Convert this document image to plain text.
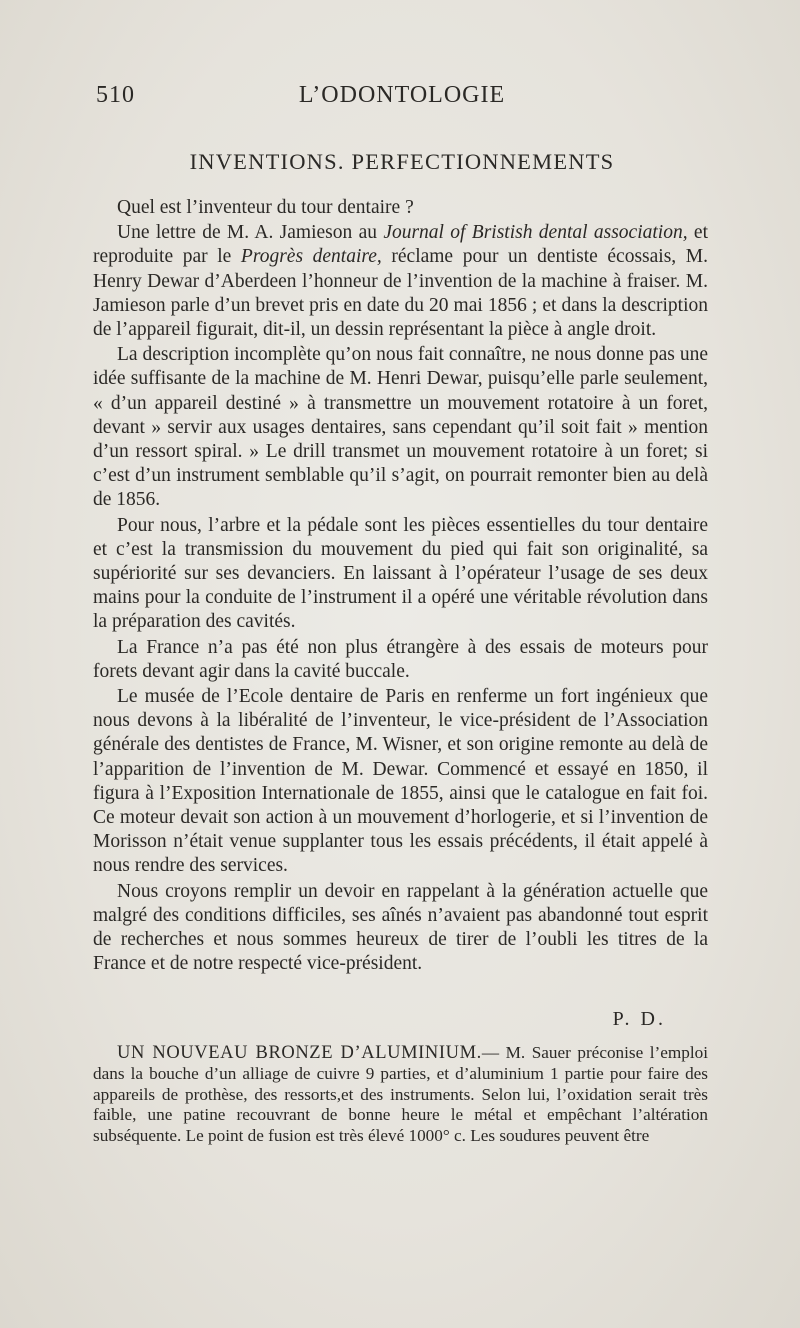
510	L’ODONTOLOGIE
INVENTIONS. PERFECTIONNEMENTS

Quel est l’inventeur du tour dentaire ?

Une lettre de M. A. Jamieson au Journal of Bristish dental association, et reproduite par le Progrès dentaire, réclame pour un dentiste écossais, M. Henry Dewar d’Aberdeen l’honneur de l’invention de la machine à fraiser. M. Jamieson parle d’un brevet pris en date du 20 mai 1856 ; et dans la description de l’appareil figurait, dit-il, un dessin représentant la pièce à angle droit.

La description incomplète qu’on nous fait connaître, ne nous donne pas une idée suffisante de la machine de M. Henri Dewar, puisqu’elle parle seulement, « d’un appareil destiné » à transmettre un mouvement rotatoire à un foret, devant » servir aux usages dentaires, sans cependant qu’il soit fait » mention d’un ressort spiral. » Le drill transmet un mouvement rotatoire à un foret; si c’est d’un instrument semblable qu’il s’agit, on pourrait remonter bien au delà de 1856.

Pour nous, l’arbre et la pédale sont les pièces essentielles du tour dentaire et c’est la transmission du mouvement du pied qui fait son originalité, sa supériorité sur ses devanciers. En laissant à l’opérateur l’usage de ses deux mains pour la conduite de l’instrument il a opéré une véritable révolution dans la préparation des cavités.

La France n’a pas été non plus étrangère à des essais de moteurs pour forets devant agir dans la cavité buccale.

Le musée de l’Ecole dentaire de Paris en renferme un fort ingénieux que nous devons à la libéralité de l’inventeur, le vice-président de l’Association générale des dentistes de France, M. Wisner, et son origine remonte au delà de l’apparition de l’invention de M. Dewar. Commencé et essayé en 1850, il figura à l’Exposition Internationale de 1855, ainsi que le catalogue en fait foi. Ce moteur devait son action à un mouvement d’horlogerie, et si l’invention de Morisson n’était venue supplanter tous les essais précédents, il était appelé à nous rendre des services.

Nous croyons remplir un devoir en rappelant à la génération actuelle que malgré des conditions difficiles, ses aînés n’avaient pas abandonné tout esprit de recherches et nous sommes heureux de tirer de l’oubli les titres de la France et de notre respecté vice-président.

P. D.

UN NOUVEAU BRONZE D’ALUMINIUM.— M. Sauer préconise l’emploi dans la bouche d’un alliage de cuivre 9 parties, et d’aluminium 1 partie pour faire des appareils de prothèse, des ressorts,et des instruments. Selon lui, l’oxidation serait très faible, une patine recouvrant de bonne heure le métal et empêchant l’altération subséquente. Le point de fusion est très élevé 1000° c. Les soudures peuvent être
